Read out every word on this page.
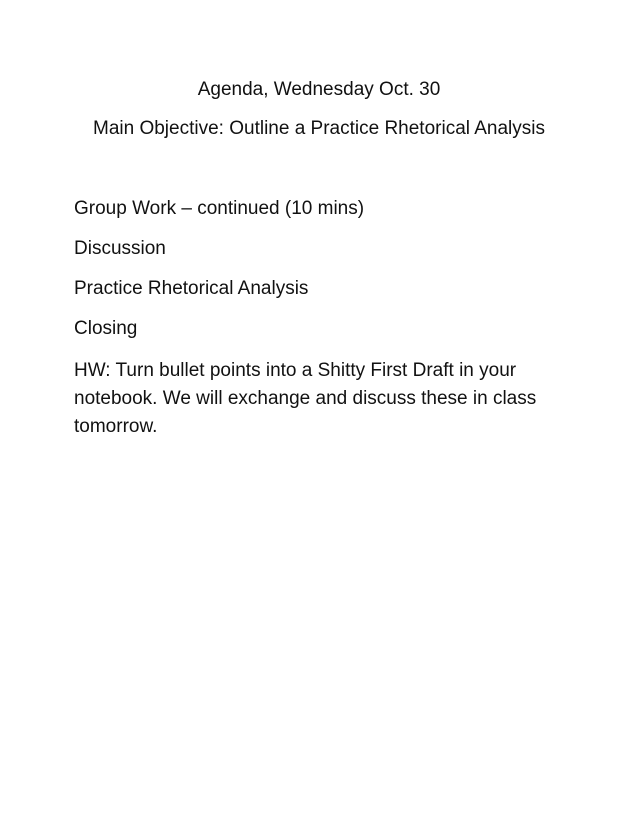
Agenda, Wednesday Oct. 30
Main Objective: Outline a Practice Rhetorical Analysis
Group Work – continued (10 mins)
Discussion
Practice Rhetorical Analysis
Closing

HW: Turn bullet points into a Shitty First Draft in your notebook. We will exchange and discuss these in class tomorrow.
